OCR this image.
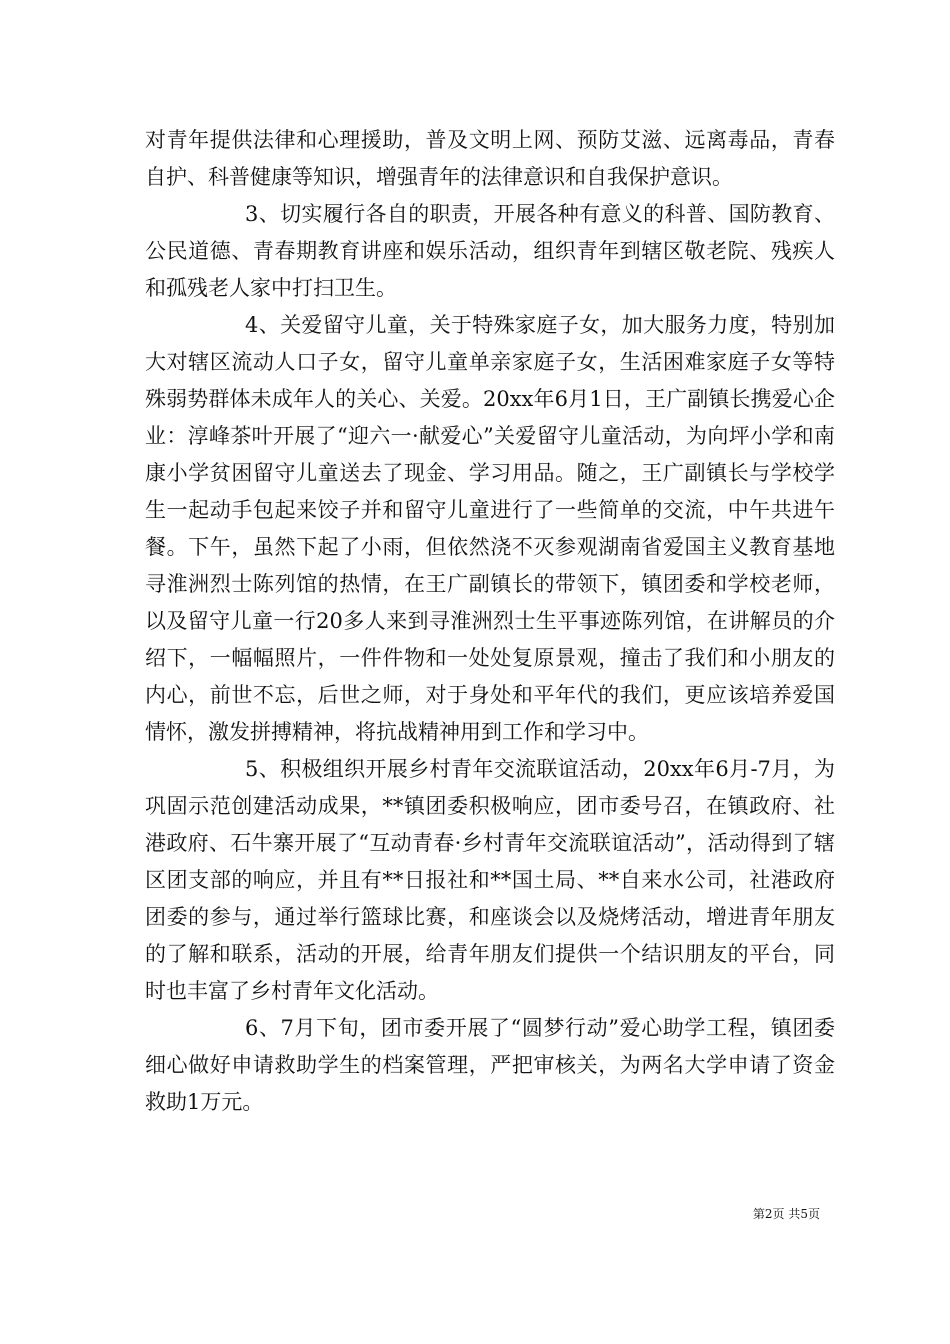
对青年提供法律和心理援助，普及文明上网、预防艾滋、远离毒品，青春自护、科普健康等知识，增强青年的法律意识和自我保护意识。

3、切实履行各自的职责，开展各种有意义的科普、国防教育、公民道德、青春期教育讲座和娱乐活动，组织青年到辖区敬老院、残疾人和孤残老人家中打扫卫生。

4、关爱留守儿童，关于特殊家庭子女，加大服务力度，特别加大对辖区流动人口子女，留守儿童单亲家庭子女，生活困难家庭子女等特殊弱势群体未成年人的关心、关爱。20xx年6月1日，王广副镇长携爱心企业：淳峰茶叶开展了“迎六一·献爱心”关爱留守儿童活动，为向坪小学和南康小学贫困留守儿童送去了现金、学习用品。随之，王广副镇长与学校学生一起动手包起来饺子并和留守儿童进行了一些简单的交流，中午共进午餐。下午，虽然下起了小雨，但依然浇不灭参观湖南省爱国主义教育基地寻淮洲烈士陈列馆的热情，在王广副镇长的带领下，镇团委和学校老师，以及留守儿童一行20多人来到寻淮洲烈士生平事迹陈列馆，在讲解员的介绍下，一幅幅照片，一件件物和一处处复原景观，撞击了我们和小朋友的内心，前世不忘，后世之师，对于身处和平年代的我们，更应该培养爱国情怀，激发拼搏精神，将抗战精神用到工作和学习中。

5、积极组织开展乡村青年交流联谊活动，20xx年6月-7月，为巩固示范创建活动成果，**镇团委积极响应，团市委号召，在镇政府、社港政府、石牛寨开展了“互动青春·乡村青年交流联谊活动”，活动得到了辖区团支部的响应，并且有**日报社和**国土局、**自来水公司，社港政府团委的参与，通过举行篮球比赛，和座谈会以及烧烤活动，增进青年朋友的了解和联系，活动的开展，给青年朋友们提供一个结识朋友的平台，同时也丰富了乡村青年文化活动。

6、7月下旬，团市委开展了“圆梦行动”爱心助学工程，镇团委细心做好申请救助学生的档案管理，严把审核关，为两名大学申请了资金救助1万元。

第2页 共5页
